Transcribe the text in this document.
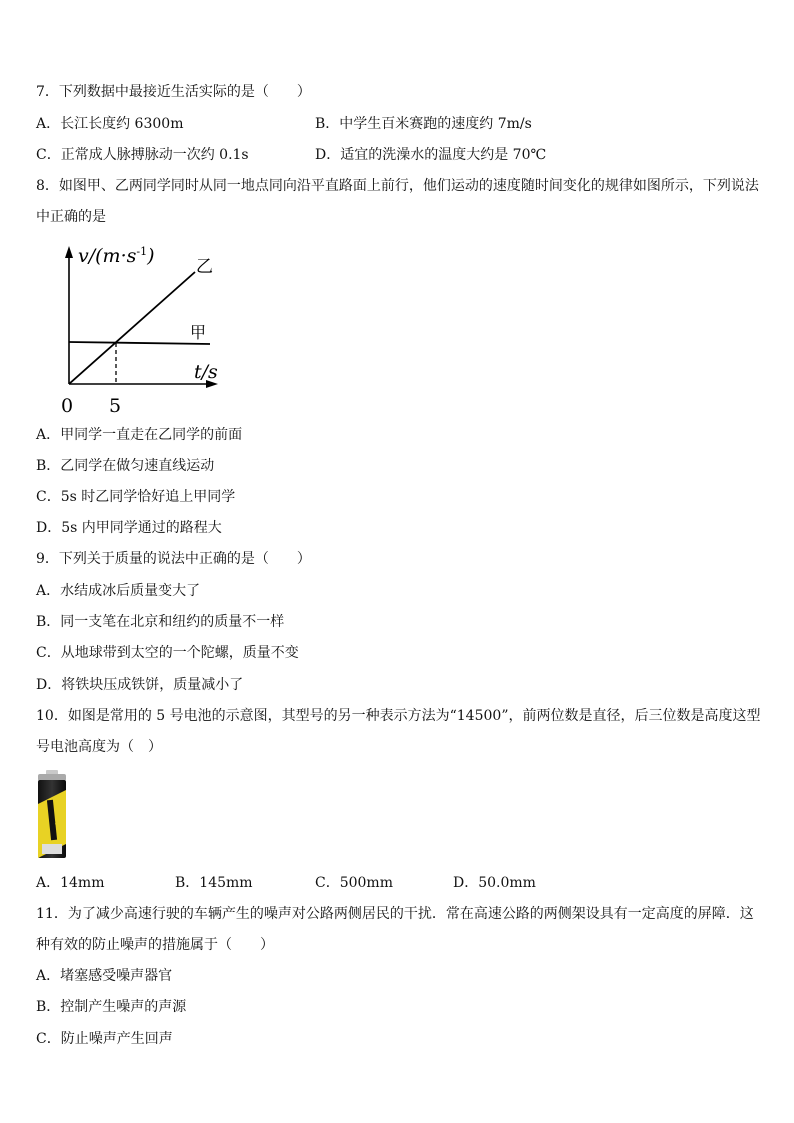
7．下列数据中最接近生活实际的是（　　）
A．长江长度约 6300m	B．中学生百米赛跑的速度约 7m/s
C．正常成人脉搏脉动一次约 0.1s	D．适宜的洗澡水的温度大约是 70℃
8．如图甲、乙两同学同时从同一地点同向沿平直路面上前行，他们运动的速度随时间变化的规律如图所示，下列说法
中正确的是
$v/(m\cdot s^{-1})$ 乙
甲
t/s
0 5
A．甲同学一直走在乙同学的前面
B．乙同学在做匀速直线运动
C．5s 时乙同学恰好追上甲同学
D．5s 内甲同学通过的路程大
9．下列关于质量的说法中正确的是（　　）
A．水结成冰后质量变大了
B．同一支笔在北京和纽约的质量不一样
C．从地球带到太空的一个陀螺，质量不变
D．将铁块压成铁饼，质量减小了
10．如图是常用的 5 号电池的示意图，其型号的另一种表示方法为“14500”，前两位数是直径，后三位数是高度这型
号电池高度为（　）
AA
A．14mm	B．145mm	C．500mm	D．50.0mm
11．为了减少高速行驶的车辆产生的噪声对公路两侧居民的干扰．常在高速公路的两侧架设具有一定高度的屏障．这
种有效的防止噪声的措施属于（　　）
A．堵塞感受噪声器官
B．控制产生噪声的声源
C．防止噪声产生回声
